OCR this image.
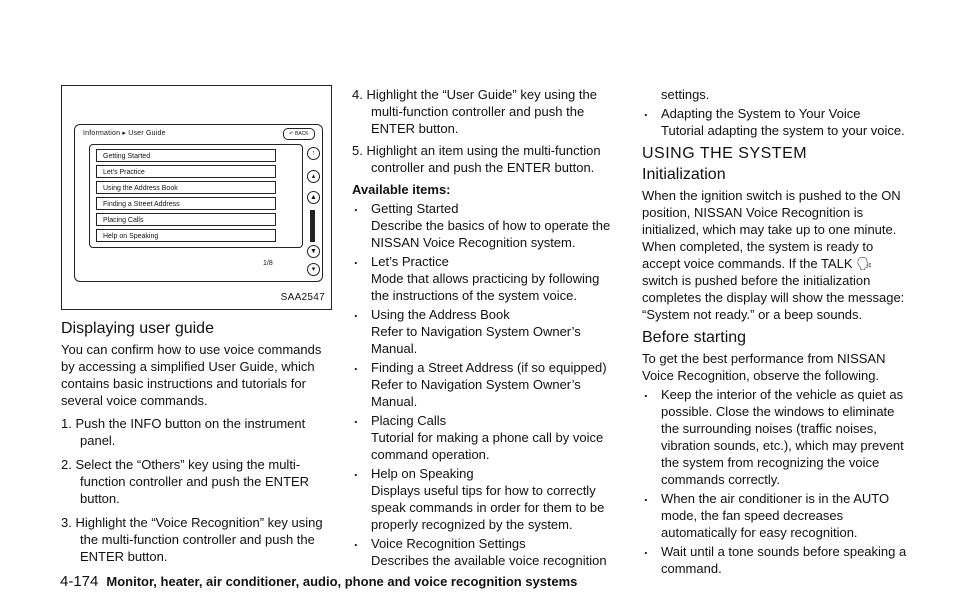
Information ▸ User Guide	↶ BACK
Getting Started
Let's Practice
Using the Address Book
Finding a Street Address
Placing Calls
Help on Speaking
↑
▴
▲
▼
▾
1/8
SAA2547
Displaying user guide

You can confirm how to use voice commands by accessing a simplified User Guide, which contains basic instructions and tutorials for several voice commands.

1. Push the INFO button on the instrument panel.

2. Select the “Others” key using the multi-function controller and push the ENTER button.

3. Highlight the “Voice Recognition” key using the multi-function controller and push the ENTER button.

4. Highlight the “User Guide” key using the multi-function controller and push the ENTER button.

5. Highlight an item using the multi-function controller and push the ENTER button.

Available items:

. Getting Started

Describe the basics of how to operate the NISSAN Voice Recognition system.

. Let’s Practice

Mode that allows practicing by following the instructions of the system voice.

. Using the Address Book

Refer to Navigation System Owner’s Manual.

. Finding a Street Address (if so equipped)

Refer to Navigation System Owner’s Manual.

. Placing Calls

Tutorial for making a phone call by voice command operation.

. Help on Speaking

Displays useful tips for how to correctly speak commands in order for them to be properly recognized by the system.

. Voice Recognition Settings

Describes the available voice recognition

settings.

. Adapting the System to Your Voice

Tutorial adapting the system to your voice.

USING THE SYSTEM
Initialization

When the ignition switch is pushed to the ON position, NISSAN Voice Recognition is initialized, which may take up to one minute. When completed, the system is ready to accept voice commands. If the TALK 🗣︎ switch is pushed before the initialization completes the display will show the message: “System not ready.” or a beep sounds.

Before starting

To get the best performance from NISSAN Voice Recognition, observe the following.

. Keep the interior of the vehicle as quiet as possible. Close the windows to eliminate the surrounding noises (traffic noises, vibration sounds, etc.), which may prevent the system from recognizing the voice commands correctly.

. When the air conditioner is in the AUTO mode, the fan speed decreases automatically for easy recognition.

. Wait until a tone sounds before speaking a command.

4-174 Monitor, heater, air conditioner, audio, phone and voice recognition systems
